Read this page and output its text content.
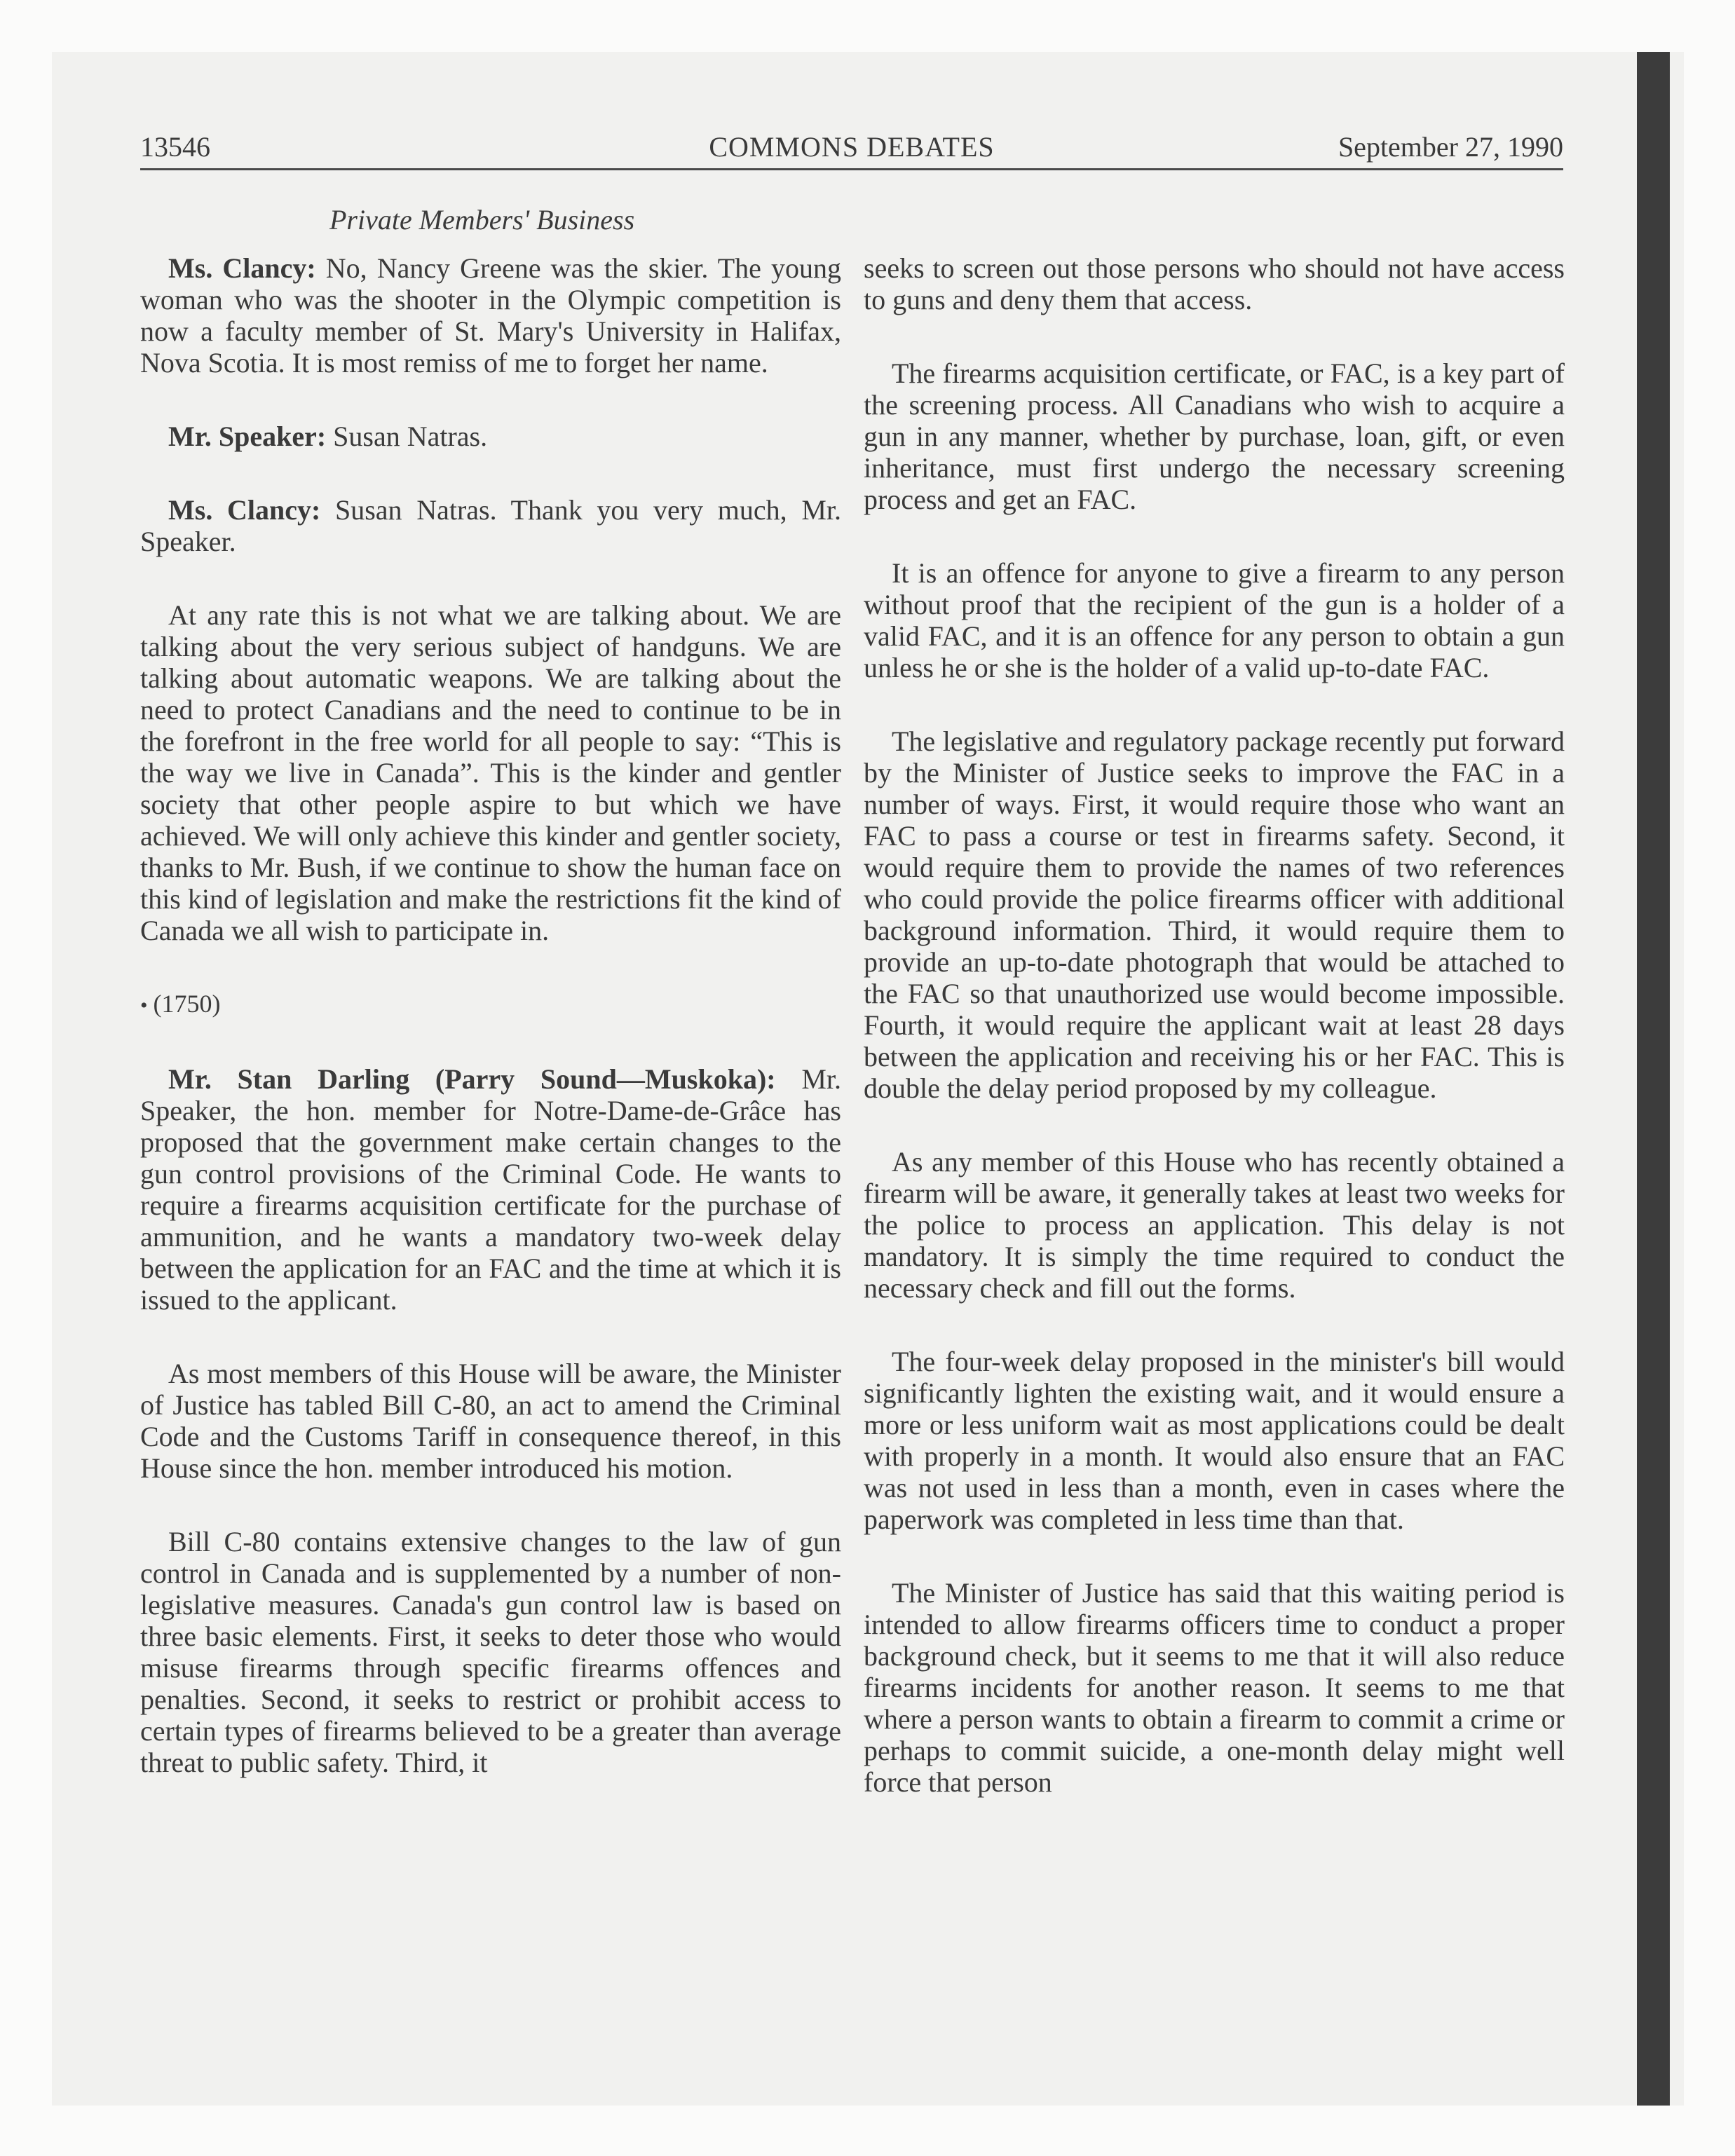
13546	COMMONS DEBATES	September 27, 1990
Private Members' Business

Ms. Clancy: No, Nancy Greene was the skier. The young woman who was the shooter in the Olympic competition is now a faculty member of St. Mary's University in Halifax, Nova Scotia. It is most remiss of me to forget her name.

Mr. Speaker: Susan Natras.

Ms. Clancy: Susan Natras. Thank you very much, Mr. Speaker.

At any rate this is not what we are talking about. We are talking about the very serious subject of handguns. We are talking about automatic weapons. We are talking about the need to protect Canadians and the need to continue to be in the forefront in the free world for all people to say: “This is the way we live in Canada”. This is the kinder and gentler society that other people aspire to but which we have achieved. We will only achieve this kinder and gentler society, thanks to Mr. Bush, if we continue to show the human face on this kind of legislation and make the restrictions fit the kind of Canada we all wish to participate in.

• (1750)

Mr. Stan Darling (Parry Sound—Muskoka): Mr. Speaker, the hon. member for Notre-Dame-de-Grâce has proposed that the government make certain changes to the gun control provisions of the Criminal Code. He wants to require a firearms acquisition certificate for the purchase of ammunition, and he wants a mandatory two-week delay between the application for an FAC and the time at which it is issued to the applicant.

As most members of this House will be aware, the Minister of Justice has tabled Bill C-80, an act to amend the Criminal Code and the Customs Tariff in consequence thereof, in this House since the hon. member introduced his motion.

Bill C-80 contains extensive changes to the law of gun control in Canada and is supplemented by a number of non-legislative measures. Canada's gun control law is based on three basic elements. First, it seeks to deter those who would misuse firearms through specific firearms offences and penalties. Second, it seeks to restrict or prohibit access to certain types of firearms believed to be a greater than average threat to public safety. Third, it

seeks to screen out those persons who should not have access to guns and deny them that access.

The firearms acquisition certificate, or FAC, is a key part of the screening process. All Canadians who wish to acquire a gun in any manner, whether by purchase, loan, gift, or even inheritance, must first undergo the necessary screening process and get an FAC.

It is an offence for anyone to give a firearm to any person without proof that the recipient of the gun is a holder of a valid FAC, and it is an offence for any person to obtain a gun unless he or she is the holder of a valid up-to-date FAC.

The legislative and regulatory package recently put forward by the Minister of Justice seeks to improve the FAC in a number of ways. First, it would require those who want an FAC to pass a course or test in firearms safety. Second, it would require them to provide the names of two references who could provide the police firearms officer with additional background information. Third, it would require them to provide an up-to-date photograph that would be attached to the FAC so that unauthorized use would become impossible. Fourth, it would require the applicant wait at least 28 days between the application and receiving his or her FAC. This is double the delay period proposed by my colleague.

As any member of this House who has recently obtained a firearm will be aware, it generally takes at least two weeks for the police to process an application. This delay is not mandatory. It is simply the time required to conduct the necessary check and fill out the forms.

The four-week delay proposed in the minister's bill would significantly lighten the existing wait, and it would ensure a more or less uniform wait as most applications could be dealt with properly in a month. It would also ensure that an FAC was not used in less than a month, even in cases where the paperwork was completed in less time than that.

The Minister of Justice has said that this waiting period is intended to allow firearms officers time to conduct a proper background check, but it seems to me that it will also reduce firearms incidents for another reason. It seems to me that where a person wants to obtain a firearm to commit a crime or perhaps to commit suicide, a one-month delay might well force that person
